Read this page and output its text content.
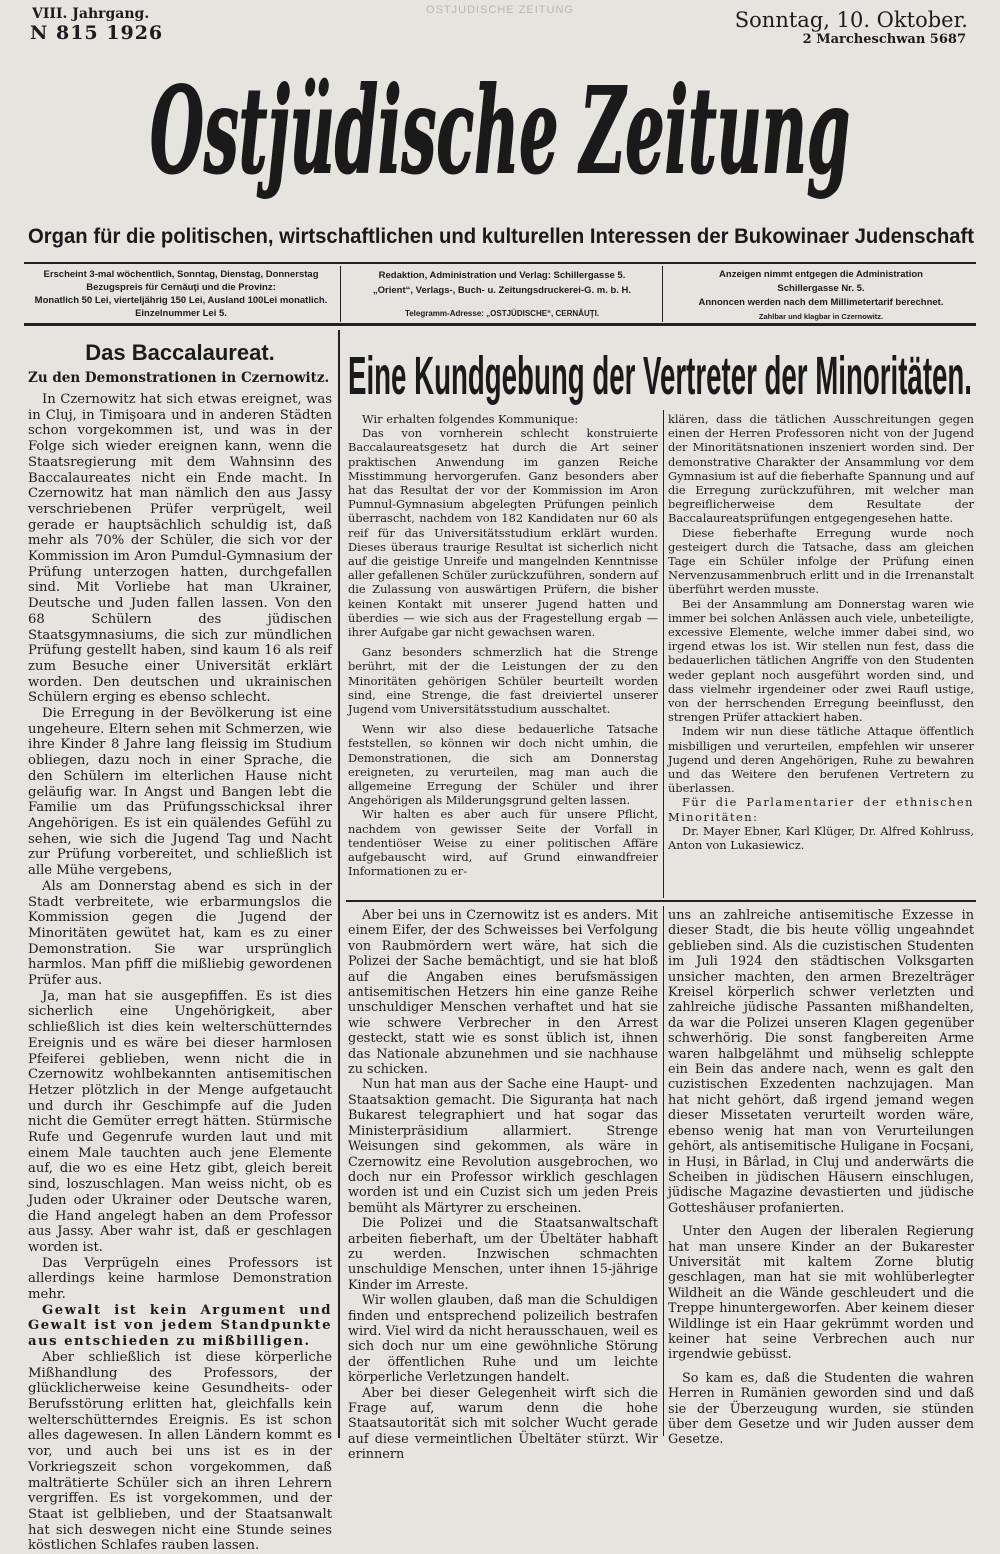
OSTJUDISCHE ZEITUNG
VIII. Jahrgang.
N 815 1926
Sonntag, 10. Oktober.
2 Marcheschwan 5687
Ostjüdische Zeitung
Organ für die politischen, wirtschaftlichen und kulturellen Interessen der Bukowinaer Judenschaft
Erscheint 3-mal wöchentlich, Sonntag, Dienstag, Donnerstag
Bezugspreis für Cernăuţi und die Provinz:
Monatlich 50 Lei, vierteljährig 150 Lei, Ausland 100Lei monatlich.
Einzelnummer Lei 5.
Redaktion, Administration und Verlag: Schillergasse 5.
„Orient“, Verlags-, Buch- u. Zeitungsdruckerei-G. m. b. H.
Telegramm-Adresse: „OSTJÜDISCHE“, CERNĂUŢI.
Anzeigen nimmt entgegen die Administration
Schillergasse Nr. 5.
Annoncen werden nach dem Millimetertarif berechnet.
Zahlbar und klagbar in Czernowitz.
Das Baccalaureat.
Zu den Demonstrationen in Czernowitz.

In Czernowitz hat sich etwas ereignet, was in Cluj, in Timişoara und in anderen Städten schon vorgekommen ist, und was in der Folge sich wieder ereignen kann, wenn die Staatsregierung mit dem Wahnsinn des Baccalaureates nicht ein Ende macht. In Czernowitz hat man nämlich den aus Jassy verschriebenen Prüfer verprügelt, weil gerade er hauptsächlich schuldig ist, daß mehr als 70% der Schüler, die sich vor der Kommission im Aron Pumdul-Gymnasium der Prüfung unterzogen hatten, durchgefallen sind. Mit Vorliebe hat man Ukrainer, Deutsche und Juden fallen lassen. Von den 68 Schülern des jüdischen Staatsgymnasiums, die sich zur mündlichen Prüfung gestellt haben, sind kaum 16 als reif zum Besuche einer Universität erklärt worden. Den deutschen und ukrainischen Schülern erging es ebenso schlecht.

Die Erregung in der Bevölkerung ist eine ungeheure. Eltern sehen mit Schmerzen, wie ihre Kinder 8 Jahre lang fleissig im Studium obliegen, dazu noch in einer Sprache, die den Schülern im elterlichen Hause nicht geläufig war. In Angst und Bangen lebt die Familie um das Prüfungsschicksal ihrer Angehörigen. Es ist ein quälendes Gefühl zu sehen, wie sich die Jugend Tag und Nacht zur Prüfung vorbereitet, und schließlich ist alle Mühe vergebens,

Als am Donnerstag abend es sich in der Stadt verbreitete, wie erbarmungslos die Kommission gegen die Jugend der Minoritäten gewütet hat, kam es zu einer Demonstration. Sie war ursprünglich harmlos. Man pfiff die mißliebig gewordenen Prüfer aus.

Ja, man hat sie ausgepfiffen. Es ist dies sicherlich eine Ungehörigkeit, aber schließlich ist dies kein welterschütterndes Ereignis und es wäre bei dieser harmlosen Pfeiferei geblieben, wenn nicht die in Czernowitz wohlbekannten antisemitischen Hetzer plötzlich in der Menge aufgetaucht und durch ihr Geschimpfe auf die Juden nicht die Gemüter erregt hätten. Stürmische Rufe und Gegenrufe wurden laut und mit einem Male tauchten auch jene Elemente auf, die wo es eine Hetz gibt, gleich bereit sind, loszuschlagen. Man weiss nicht, ob es Juden oder Ukrainer oder Deutsche waren, die Hand angelegt haben an dem Professor aus Jassy. Aber wahr ist, daß er geschlagen worden ist.

Das Verprügeln eines Professors ist allerdings keine harmlose Demonstration mehr.

Gewalt ist kein Argument und Gewalt ist von jedem Standpunkte aus entschieden zu mißbilligen.

Aber schließlich ist diese körperliche Mißhandlung des Professors, der glücklicherweise keine Gesundheits- oder Berufsstörung erlitten hat, gleichfalls kein welterschütterndes Ereignis. Es ist schon alles dagewesen. In allen Ländern kommt es vor, und auch bei uns ist es in der Vorkriegszeit schon vorgekommen, daß malträtierte Schüler sich an ihren Lehrern vergriffen. Es ist vorgekommen, und der Staat ist gelblieben, und der Staatsanwalt hat sich deswegen nicht eine Stunde seines köstlichen Schlafes rauben lassen.

Eine Kundgebung der Vertreter der Minoritäten.

Wir erhalten folgendes Kommunique:

Das von vornherein schlecht konstruierte Baccalaureatsgesetz hat durch die Art seiner praktischen Anwendung im ganzen Reiche Misstimmung hervorgerufen. Ganz besonders aber hat das Resultat der vor der Kommission im Aron Pumnul-Gymnasium abgelegten Prüfungen peinlich überrascht, nachdem von 182 Kandidaten nur 60 als reif für das Universitätsstudium erklärt wurden. Dieses überaus traurige Resultat ist sicherlich nicht auf die geistige Unreife und mangelnden Kenntnisse aller gefallenen Schüler zurückzuführen, sondern auf die Zulassung von auswärtigen Prüfern, die bisher keinen Kontakt mit unserer Jugend hatten und überdies — wie sich aus der Fragestellung ergab — ihrer Aufgabe gar nicht gewachsen waren.

Ganz besonders schmerzlich hat die Strenge berührt, mit der die Leistungen der zu den Minoritäten gehörigen Schüler beurteilt worden sind, eine Strenge, die fast dreiviertel unserer Jugend vom Universitätsstudium ausschaltet.

Wenn wir also diese bedauerliche Tatsache feststellen, so können wir doch nicht umhin, die Demonstrationen, die sich am Donnerstag ereigneten, zu verurteilen, mag man auch die allgemeine Erregung der Schüler und ihrer Angehörigen als Milderungsgrund gelten lassen.

Wir halten es aber auch für unsere Pflicht, nachdem von gewisser Seite der Vorfall in tendentiöser Weise zu einer politischen Affäre aufgebauscht wird, auf Grund einwandfreier Informationen zu er-

klären, dass die tätlichen Ausschreitungen gegen einen der Herren Professoren nicht von der Jugend der Minoritätsnationen inszeniert worden sind. Der demonstrative Charakter der Ansammlung vor dem Gymnasium ist auf die fieberhafte Spannung und auf die Erregung zurückzuführen, mit welcher man begreiflicherweise dem Resultate der Baccalaureatsprüfungen entgegengesehen hatte.

Diese fieberhafte Erregung wurde noch gesteigert durch die Tatsache, dass am gleichen Tage ein Schüler infolge der Prüfung einen Nervenzusammenbruch erlitt und in die Irrenanstalt überführt werden musste.

Bei der Ansammlung am Donnerstag waren wie immer bei solchen Anlässen auch viele, unbeteiligte, excessive Elemente, welche immer dabei sind, wo irgend etwas los ist. Wir stellen nun fest, dass die bedauerlichen tätlichen Angriffe von den Studenten weder geplant noch ausgeführt worden sind, und dass vielmehr irgendeiner oder zwei Raufl ustige, von der herrschenden Erregung beeinflusst, den strengen Prüfer attackiert haben.

Indem wir nun diese tätliche Attaque öffentlich misbilligen und verurteilen, empfehlen wir unserer Jugend und deren Angehörigen, Ruhe zu bewahren und das Weitere den berufenen Vertretern zu überlassen.

Für die Parlamentarier der ethnischen Minoritäten:

Dr. Mayer Ebner, Karl Klüger, Dr. Alfred Kohlruss, Anton von Lukasiewicz.

Aber bei uns in Czernowitz ist es anders. Mit einem Eifer, der des Schweisses bei Verfolgung von Raubmördern wert wäre, hat sich die Polizei der Sache bemächtigt, und sie hat bloß auf die Angaben eines berufsmässigen antisemitischen Hetzers hin eine ganze Reihe unschuldiger Menschen verhaftet und hat sie wie schwere Verbrecher in den Arrest gesteckt, statt wie es sonst üblich ist, ihnen das Nationale abzunehmen und sie nachhause zu schicken.

Nun hat man aus der Sache eine Haupt- und Staatsaktion gemacht. Die Siguranța hat nach Bukarest telegraphiert und hat sogar das Ministerpräsidium allarmiert. Strenge Weisungen sind gekommen, als wäre in Czernowitz eine Revolution ausgebrochen, wo doch nur ein Professor wirklich geschlagen worden ist und ein Cuzist sich um jeden Preis bemüht als Märtyrer zu erscheinen.

Die Polizei und die Staatsanwaltschaft arbeiten fieberhaft, um der Übeltäter habhaft zu werden. Inzwischen schmachten unschuldige Menschen, unter ihnen 15-jährige Kinder im Arreste.

Wir wollen glauben, daß man die Schuldigen finden und entsprechend polizeilich bestrafen wird. Viel wird da nicht herausschauen, weil es sich doch nur um eine gewöhnliche Störung der öffentlichen Ruhe und um leichte körperliche Verletzungen handelt.

Aber bei dieser Gelegenheit wirft sich die Frage auf, warum denn die hohe Staatsautorität sich mit solcher Wucht gerade auf diese vermeintlichen Übeltäter stürzt. Wir erinnern

uns an zahlreiche antisemitische Exzesse in dieser Stadt, die bis heute völlig ungeahndet geblieben sind. Als die cuzistischen Studenten im Juli 1924 den städtischen Volksgarten unsicher machten, den armen Brezelträger Kreisel körperlich schwer verletzten und zahlreiche jüdische Passanten mißhandelten, da war die Polizei unseren Klagen gegenüber schwerhörig. Die sonst fangbereiten Arme waren halbgelähmt und mühselig schleppte ein Bein das andere nach, wenn es galt den cuzistischen Exzedenten nachzujagen. Man hat nicht gehört, daß irgend jemand wegen dieser Missetaten verurteilt worden wäre, ebenso wenig hat man von Verurteilungen gehört, als antisemitische Huligane in Focșani, in Huși, in Bârlad, in Cluj und anderwärts die Scheiben in jüdischen Häusern einschlugen, jüdische Magazine devastierten und jüdische Gotteshäuser profanierten.

Unter den Augen der liberalen Regierung hat man unsere Kinder an der Bukarester Universität mit kaltem Zorne blutig geschlagen, man hat sie mit wohlüberlegter Wildheit an die Wände geschleudert und die Treppe hinuntergeworfen. Aber keinem dieser Wildlinge ist ein Haar gekrümmt worden und keiner hat seine Verbrechen auch nur irgendwie gebüsst.

So kam es, daß die Studenten die wahren Herren in Rumänien geworden sind und daß sie der Überzeugung wurden, sie stünden über dem Gesetze und wir Juden ausser dem Gesetze.
